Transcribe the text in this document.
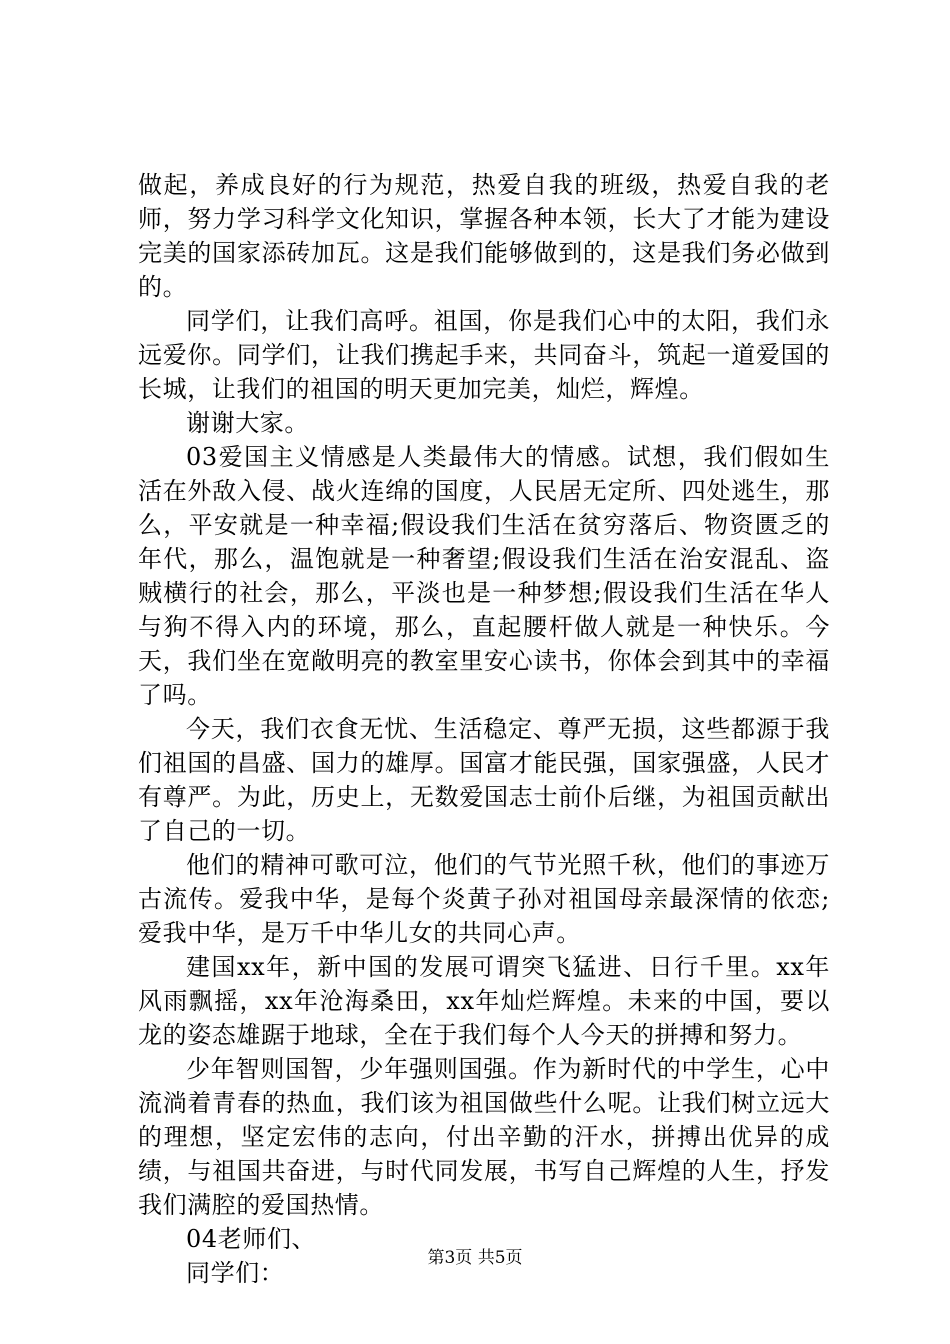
做起，养成良好的行为规范，热爱自我的班级，热爱自我的老师，努力学习科学文化知识，掌握各种本领，长大了才能为建设完美的国家添砖加瓦。这是我们能够做到的，这是我们务必做到的。

同学们，让我们高呼。祖国，你是我们心中的太阳，我们永远爱你。同学们，让我们携起手来，共同奋斗，筑起一道爱国的长城，让我们的祖国的明天更加完美，灿烂，辉煌。

谢谢大家。

03爱国主义情感是人类最伟大的情感。试想，我们假如生活在外敌入侵、战火连绵的国度，人民居无定所、四处逃生，那么，平安就是一种幸福;假设我们生活在贫穷落后、物资匮乏的年代，那么，温饱就是一种奢望;假设我们生活在治安混乱、盗贼横行的社会，那么，平淡也是一种梦想;假设我们生活在华人与狗不得入内的环境，那么，直起腰杆做人就是一种快乐。今天，我们坐在宽敞明亮的教室里安心读书，你体会到其中的幸福了吗。

今天，我们衣食无忧、生活稳定、尊严无损，这些都源于我们祖国的昌盛、国力的雄厚。国富才能民强，国家强盛，人民才有尊严。为此，历史上，无数爱国志士前仆后继，为祖国贡献出了自己的一切。

他们的精神可歌可泣，他们的气节光照千秋，他们的事迹万古流传。爱我中华，是每个炎黄子孙对祖国母亲最深情的依恋;爱我中华，是万千中华儿女的共同心声。

建国xx年，新中国的发展可谓突飞猛进、日行千里。xx年风雨飘摇，xx年沧海桑田，xx年灿烂辉煌。未来的中国，要以龙的姿态雄踞于地球，全在于我们每个人今天的拼搏和努力。

少年智则国智，少年强则国强。作为新时代的中学生，心中流淌着青春的热血，我们该为祖国做些什么呢。让我们树立远大的理想，坚定宏伟的志向，付出辛勤的汗水，拼搏出优异的成绩，与祖国共奋进，与时代同发展，书写自己辉煌的人生，抒发我们满腔的爱国热情。

04老师们、

同学们：

第3页 共5页
